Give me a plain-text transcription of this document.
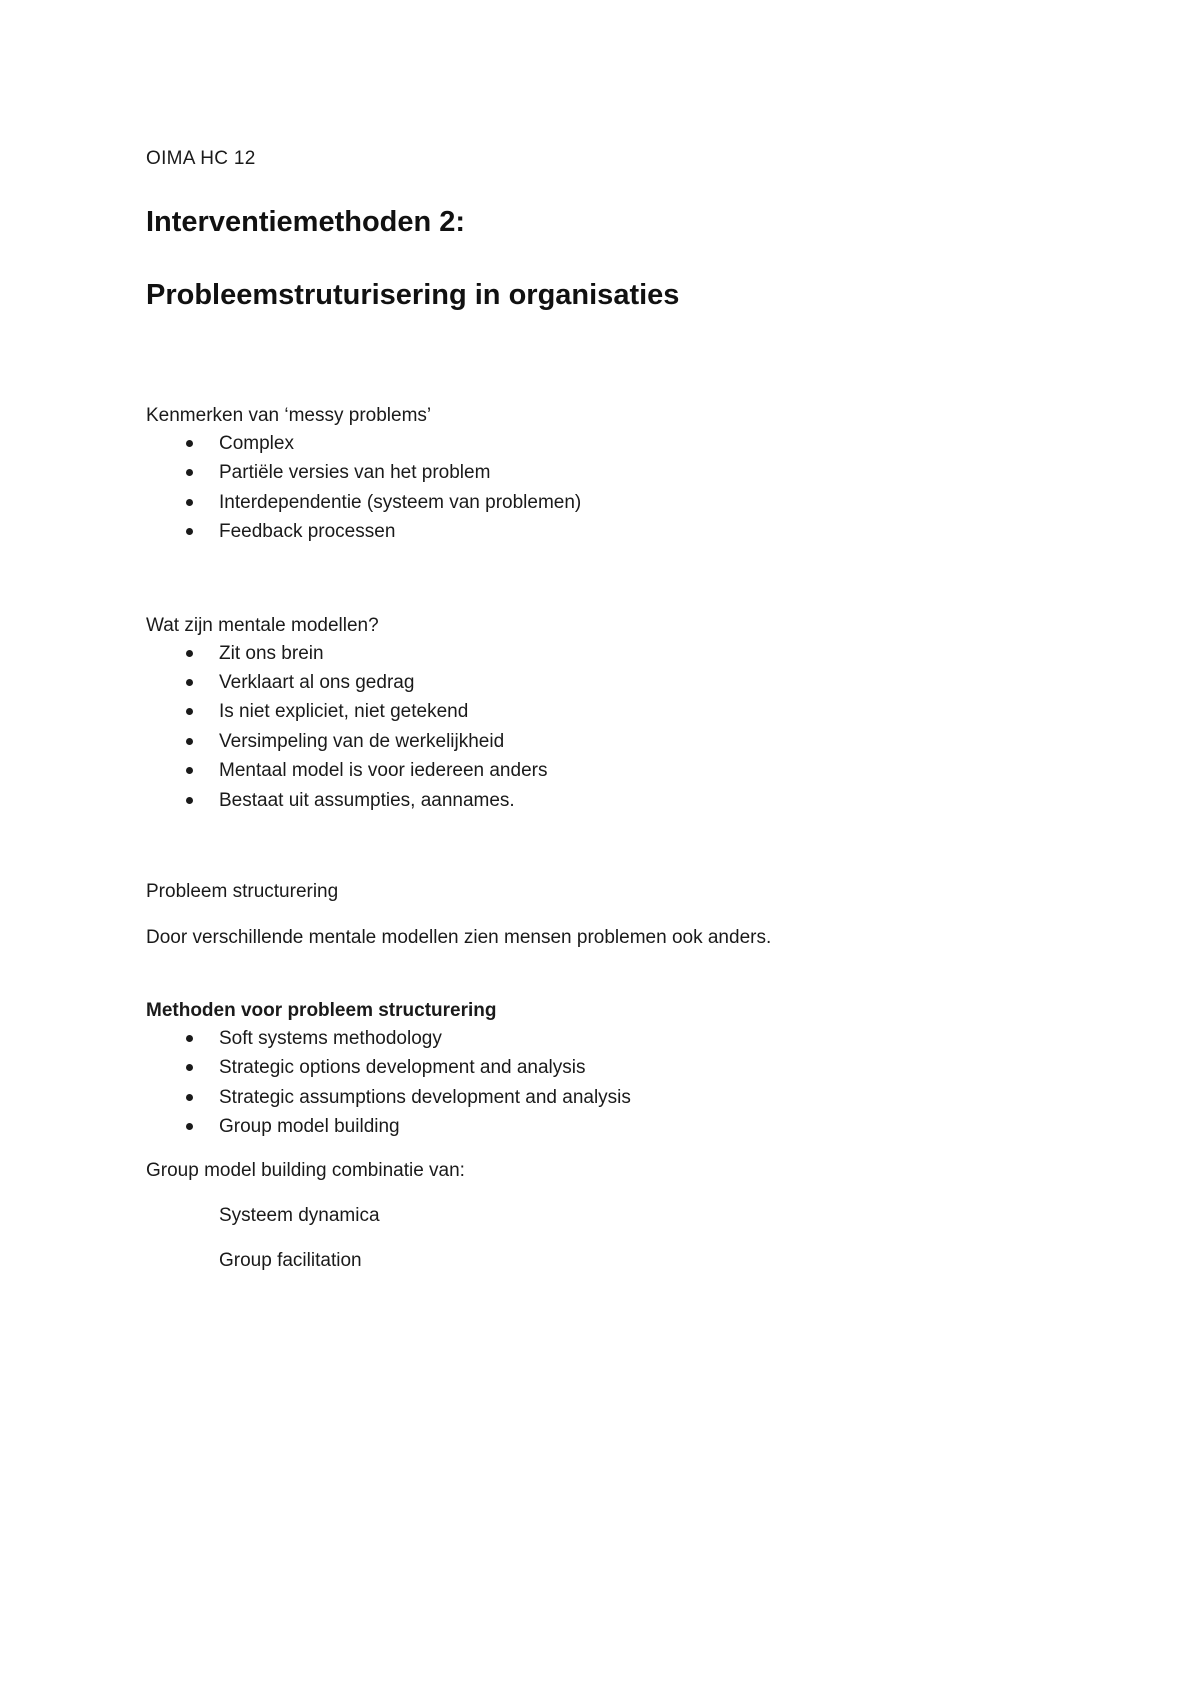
OIMA HC 12

Interventiemethoden 2:
Probleemstruturisering in organisaties

Kenmerken van ‘messy problems’

Complex
Partiële versies van het problem
Interdependentie (systeem van problemen)
Feedback processen

Wat zijn mentale modellen?

Zit ons brein
Verklaart al ons gedrag
Is niet expliciet, niet getekend
Versimpeling van de werkelijkheid
Mentaal model is voor iedereen anders
Bestaat uit assumpties, aannames.

Probleem structurering

Door verschillende mentale modellen zien mensen problemen ook anders.

Methoden voor probleem structurering

Soft systems methodology
Strategic options development and analysis
Strategic assumptions development and analysis
Group model building

Group model building combinatie van:

Systeem dynamica

Group facilitation
